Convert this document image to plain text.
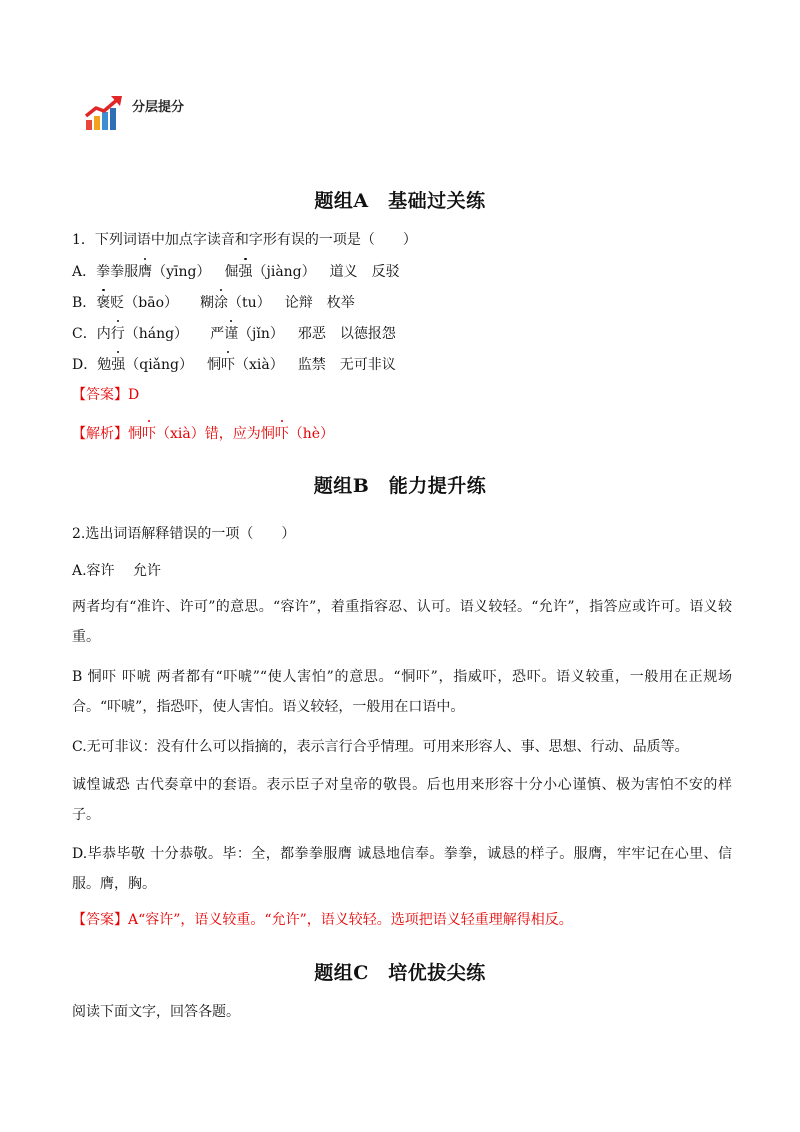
分层提分
题组A　基础过关练
1．下列词语中加点字读音和字形有误的一项是（　　）
A．拳拳服膺（yīng） 倔强（jiàng） 道义 反驳
B．褒贬（bāo） 糊涂（tu） 论辩 枚举
C．内行（háng） 严谨（jǐn） 邪恶 以德报怨
D．勉强（qiǎng） 恫吓（xià） 监禁 无可非议
【答案】D
【解析】恫吓（xià）错，应为恫吓（hè）
题组B　能力提升练
2.选出词语解释错误的一项（　　）
A.容许　 允许
两者均有“准许、许可”的意思。“容许”，着重指容忍、认可。语义较轻。“允许”，指答应或许可。语义较重。
B 恫吓 吓唬 两者都有“吓唬”“使人害怕”的意思。“恫吓”，指威吓，恐吓。语义较重，一般用在正规场合。“吓唬”，指恐吓，使人害怕。语义较轻，一般用在口语中。
C.无可非议：没有什么可以指摘的，表示言行合乎情理。可用来形容人、事、思想、行动、品质等。
诚惶诚恐 古代奏章中的套语。表示臣子对皇帝的敬畏。后也用来形容十分小心谨慎、极为害怕不安的样子。
D.毕恭毕敬 十分恭敬。毕：全，都拳拳服膺 诚恳地信奉。拳拳，诚恳的样子。服膺，牢牢记在心里、信服。膺，胸。
【答案】A“容许”，语义较重。“允许”，语义较轻。选项把语义轻重理解得相反。
题组C　培优拔尖练
阅读下面文字，回答各题。
